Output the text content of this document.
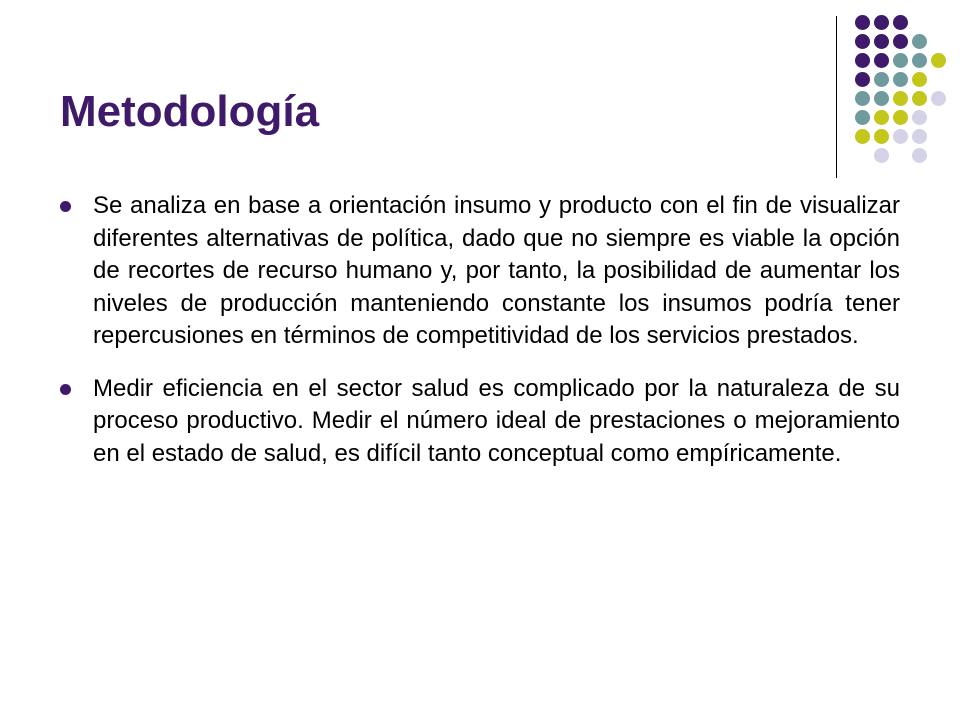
Metodología
Se analiza en base a orientación insumo y producto con el fin de visualizar diferentes alternativas de política, dado que no siempre es viable la opción de recortes de recurso humano y, por tanto, la posibilidad de aumentar los niveles de producción manteniendo constante los insumos podría tener repercusiones en términos de competitividad de los servicios prestados.
Medir eficiencia en el sector salud es complicado por la naturaleza de su proceso productivo. Medir el número ideal de prestaciones o mejoramiento en el estado de salud, es difícil tanto conceptual como empíricamente.
